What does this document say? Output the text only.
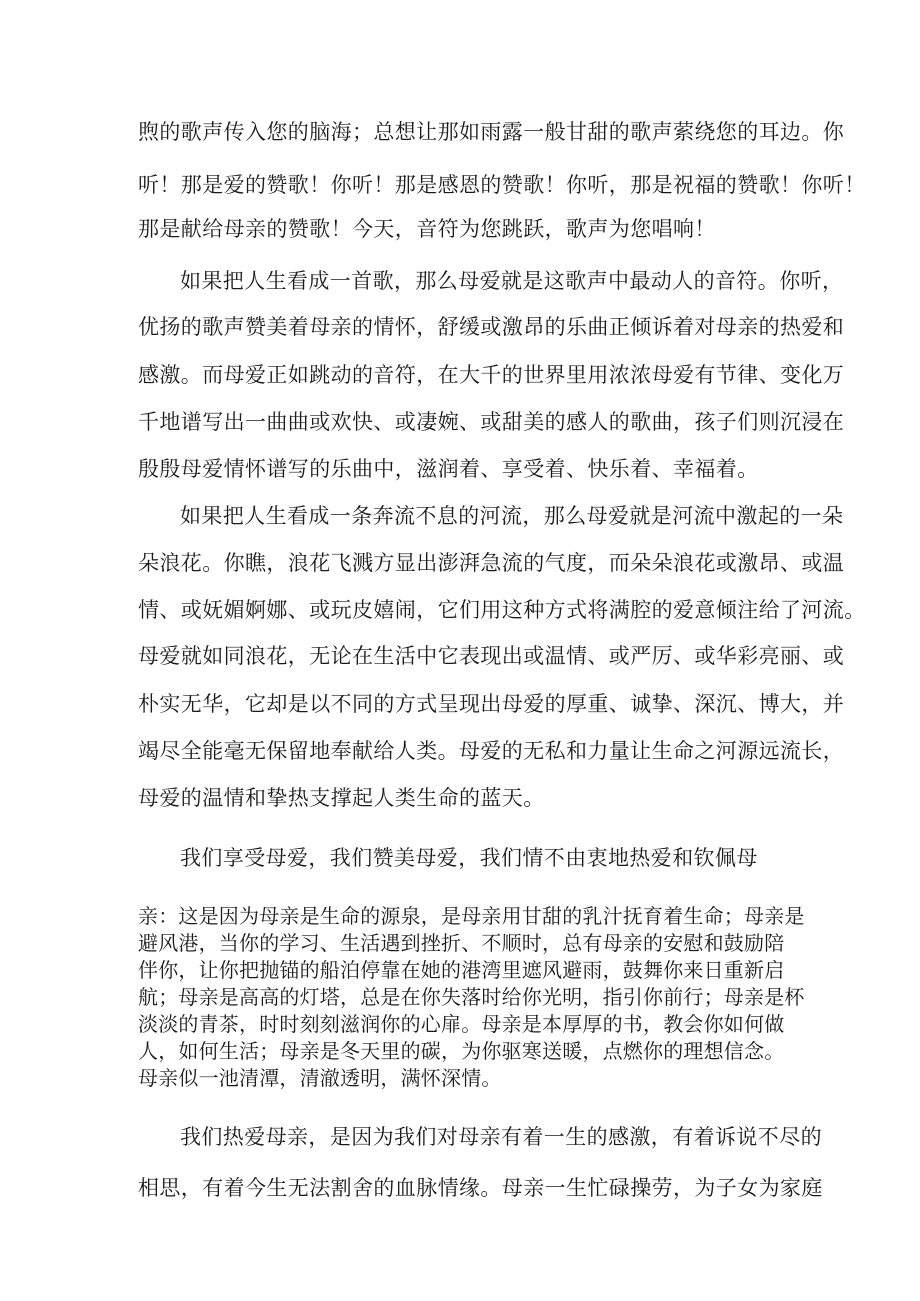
煦的歌声传入您的脑海；总想让那如雨露一般甘甜的歌声萦绕您的耳边。你
听！那是爱的赞歌！你听！那是感恩的赞歌！你听，那是祝福的赞歌！你听！
那是献给母亲的赞歌！今天，音符为您跳跃，歌声为您唱响！
如果把人生看成一首歌，那么母爱就是这歌声中最动人的音符。你听，
优扬的歌声赞美着母亲的情怀，舒缓或激昂的乐曲正倾诉着对母亲的热爱和
感激。而母爱正如跳动的音符，在大千的世界里用浓浓母爱有节律、变化万
千地谱写出一曲曲或欢快、或凄婉、或甜美的感人的歌曲，孩子们则沉浸在
殷殷母爱情怀谱写的乐曲中，滋润着、享受着、快乐着、幸福着。
如果把人生看成一条奔流不息的河流，那么母爱就是河流中激起的一朵
朵浪花。你瞧，浪花飞溅方显出澎湃急流的气度，而朵朵浪花或激昂、或温
情、或妩媚婀娜、或玩皮嬉闹，它们用这种方式将满腔的爱意倾注给了河流。
母爱就如同浪花，无论在生活中它表现出或温情、或严厉、或华彩亮丽、或
朴实无华，它却是以不同的方式呈现出母爱的厚重、诚挚、深沉、博大，并
竭尽全能毫无保留地奉献给人类。母爱的无私和力量让生命之河源远流长，
母爱的温情和挚热支撑起人类生命的蓝天。
我们享受母爱，我们赞美母爱，我们情不由衷地热爱和钦佩母
亲：这是因为母亲是生命的源泉，是母亲用甘甜的乳汁抚育着生命；母亲是
避风港，当你的学习、生活遇到挫折、不顺时，总有母亲的安慰和鼓励陪
伴你，让你把抛锚的船泊停靠在她的港湾里遮风避雨，鼓舞你来日重新启
航；母亲是高高的灯塔，总是在你失落时给你光明，指引你前行；母亲是杯
淡淡的青茶，时时刻刻滋润你的心扉。母亲是本厚厚的书，教会你如何做
人，如何生活；母亲是冬天里的碳，为你驱寒送暖，点燃你的理想信念。
母亲似一池清潭，清澈透明，满怀深情。
我们热爱母亲，是因为我们对母亲有着一生的感激，有着诉说不尽的
相思，有着今生无法割舍的血脉情缘。母亲一生忙碌操劳，为子女为家庭
